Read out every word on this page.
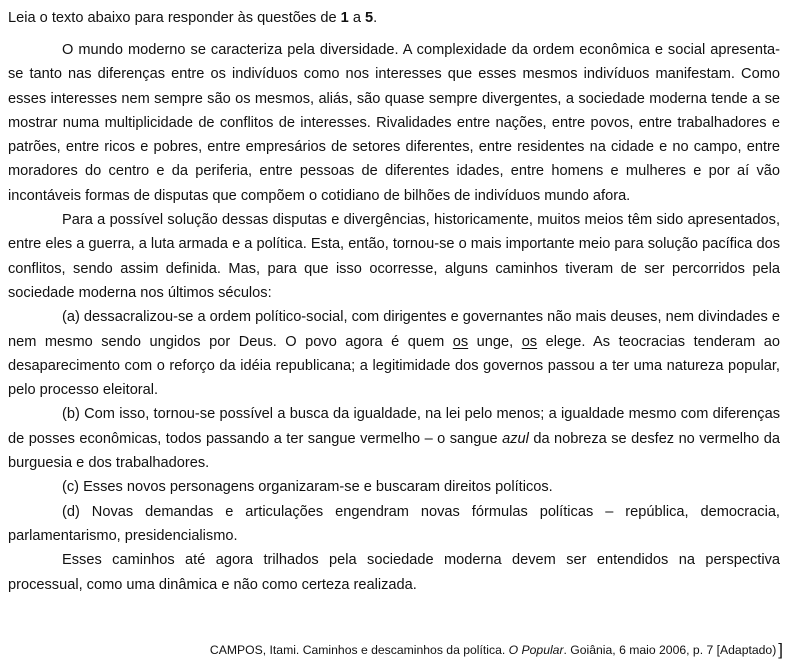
Leia o texto abaixo para responder às questões de 1 a 5.

O mundo moderno se caracteriza pela diversidade. A complexidade da ordem econômica e social apresenta-se tanto nas diferenças entre os indivíduos como nos interesses que esses mesmos indivíduos manifestam. Como esses interesses nem sempre são os mesmos, aliás, são quase sempre divergentes, a sociedade moderna tende a se mostrar numa multiplicidade de conflitos de interesses. Rivalidades entre nações, entre povos, entre trabalhadores e patrões, entre ricos e pobres, entre empresários de setores diferentes, entre residentes na cidade e no campo, entre moradores do centro e da periferia, entre pessoas de diferentes idades, entre homens e mulheres e por aí vão incontáveis formas de disputas que compõem o cotidiano de bilhões de indivíduos mundo afora.

Para a possível solução dessas disputas e divergências, historicamente, muitos meios têm sido apresentados, entre eles a guerra, a luta armada e a política. Esta, então, tornou-se o mais importante meio para solução pacífica dos conflitos, sendo assim definida. Mas, para que isso ocorresse, alguns caminhos tiveram de ser percorridos pela sociedade moderna nos últimos séculos:

(a) dessacralizou-se a ordem político-social, com dirigentes e governantes não mais deuses, nem divindades e nem mesmo sendo ungidos por Deus. O povo agora é quem os unge, os elege. As teocracias tenderam ao desaparecimento com o reforço da idéia republicana; a legitimidade dos governos passou a ter uma natureza popular, pelo processo eleitoral.

(b) Com isso, tornou-se possível a busca da igualdade, na lei pelo menos; a igualdade mesmo com diferenças de posses econômicas, todos passando a ter sangue vermelho – o sangue azul da nobreza se desfez no vermelho da burguesia e dos trabalhadores.

(c) Esses novos personagens organizaram-se e buscaram direitos políticos.

(d) Novas demandas e articulações engendram novas fórmulas políticas – república, democracia, parlamentarismo, presidencialismo.

Esses caminhos até agora trilhados pela sociedade moderna devem ser entendidos na perspectiva processual, como uma dinâmica e não como certeza realizada.

CAMPOS, Itami. Caminhos e descaminhos da política. O Popular. Goiânia, 6 maio 2006, p. 7 [Adaptado) ]
